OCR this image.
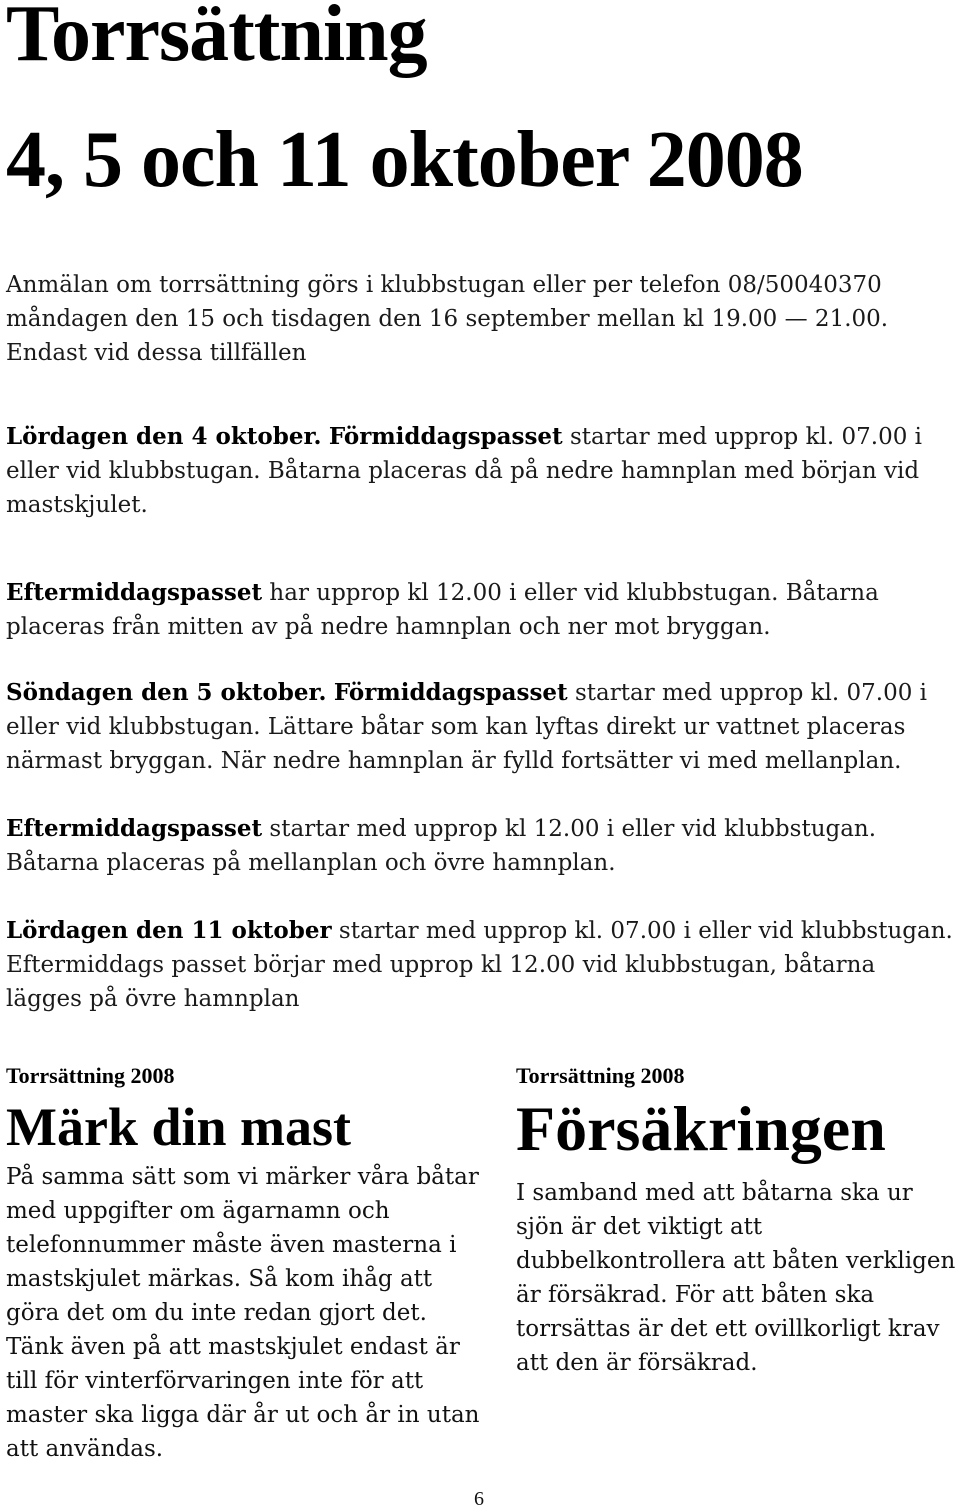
Torrsättning
4, 5 och 11 oktober 2008

Anmälan om torrsättning görs i klubbstugan eller per telefon 08/50040370 måndagen den 15 och tisdagen den 16 september mellan kl 19.00 — 21.00. Endast vid dessa tillfällen

Lördagen den 4 oktober. Förmiddagspasset startar med upprop kl. 07.00 i eller vid klubbstugan. Båtarna placeras då på nedre hamnplan med början vid mastskjulet.

Eftermiddagspasset har upprop kl 12.00 i eller vid klubbstugan. Båtarna placeras från mitten av på nedre hamnplan och ner mot bryggan.

Söndagen den 5 oktober. Förmiddagspasset startar med upprop kl. 07.00 i eller vid klubbstugan. Lättare båtar som kan lyftas direkt ur vattnet placeras närmast bryggan. När nedre hamnplan är fylld fortsätter vi med mellanplan.

Eftermiddagspasset startar med upprop kl 12.00 i eller vid klubbstugan. Båtarna placeras på mellanplan och övre hamnplan.

Lördagen den 11 oktober startar med upprop kl. 07.00 i eller vid klubbstugan. Eftermiddags passet börjar med upprop kl 12.00 vid klubbstugan, båtarna lägges på övre hamnplan

Torrsättning 2008
Märk din mast

På samma sätt som vi märker våra båtar med uppgifter om ägarnamn och telefonnummer måste även masterna i mastskjulet märkas. Så kom ihåg att göra det om du inte redan gjort det. Tänk även på att mastskjulet endast är till för vinterförvaringen inte för att master ska ligga där år ut och år in utan att användas.

Torrsättning 2008
Försäkringen

I samband med att båtarna ska ur sjön är det viktigt att dubbelkontrollera att båten verkligen är försäkrad. För att båten ska torrsättas är det ett ovillkorligt krav att den är försäkrad.

6
